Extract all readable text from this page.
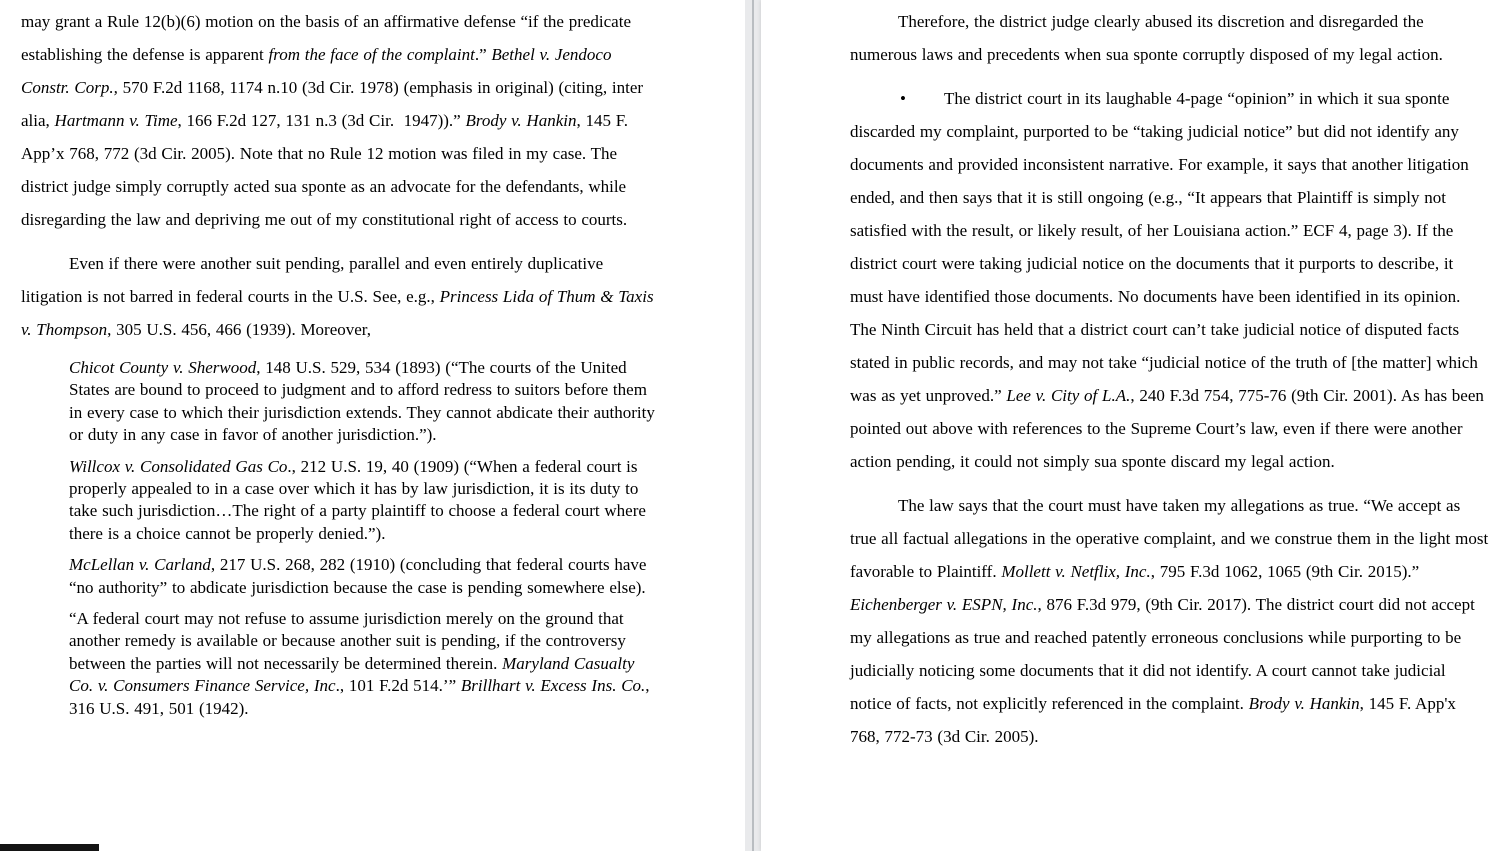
may grant a Rule 12(b)(6) motion on the basis of an affirmative defense “if the predicate establishing the defense is apparent from the face of the complaint.” Bethel v. Jendoco Constr. Corp., 570 F.2d 1168, 1174 n.10 (3d Cir. 1978) (emphasis in original) (citing, inter alia, Hartmann v. Time, 166 F.2d 127, 131 n.3 (3d Cir.  1947)).” Brody v. Hankin, 145 F. App’x 768, 772 (3d Cir. 2005). Note that no Rule 12 motion was filed in my case. The district judge simply corruptly acted sua sponte as an advocate for the defendants, while disregarding the law and depriving me out of my constitutional right of access to courts.

Even if there were another suit pending, parallel and even entirely duplicative litigation is not barred in federal courts in the U.S. See, e.g., Princess Lida of Thum & Taxis v. Thompson, 305 U.S. 456, 466 (1939). Moreover,

Chicot County v. Sherwood, 148 U.S. 529, 534 (1893) (“The courts of the United States are bound to proceed to judgment and to afford redress to suitors before them in every case to which their jurisdiction extends. They cannot abdicate their authority or duty in any case in favor of another jurisdiction.”).

Willcox v. Consolidated Gas Co., 212 U.S. 19, 40 (1909) (“When a federal court is properly appealed to in a case over which it has by law jurisdiction, it is its duty to take such jurisdiction…The right of a party plaintiff to choose a federal court where there is a choice cannot be properly denied.”).

McLellan v. Carland, 217 U.S. 268, 282 (1910) (concluding that federal courts have “no authority” to abdicate jurisdiction because the case is pending somewhere else).

“A federal court may not refuse to assume jurisdiction merely on the ground that another remedy is available or because another suit is pending, if the controversy between the parties will not necessarily be determined therein. Maryland Casualty Co. v. Consumers Finance Service, Inc., 101 F.2d 514.’” Brillhart v. Excess Ins. Co., 316 U.S. 491, 501 (1942).

Therefore, the district judge clearly abused its discretion and disregarded the numerous laws and precedents when sua sponte corruptly disposed of my legal action.

•        The district court in its laughable 4-page “opinion” in which it sua sponte discarded my complaint, purported to be “taking judicial notice” but did not identify any documents and provided inconsistent narrative. For example, it says that another litigation ended, and then says that it is still ongoing (e.g., “It appears that Plaintiff is simply not satisfied with the result, or likely result, of her Louisiana action.” ECF 4, page 3). If the district court were taking judicial notice on the documents that it purports to describe, it must have identified those documents. No documents have been identified in its opinion. The Ninth Circuit has held that a district court can’t take judicial notice of disputed facts stated in public records, and may not take “judicial notice of the truth of [the matter] which was as yet unproved.” Lee v. City of L.A., 240 F.3d 754, 775-76 (9th Cir. 2001). As has been pointed out above with references to the Supreme Court’s law, even if there were another action pending, it could not simply sua sponte discard my legal action.

The law says that the court must have taken my allegations as true. “We accept as true all factual allegations in the operative complaint, and we construe them in the light most favorable to Plaintiff. Mollett v. Netflix, Inc., 795 F.3d 1062, 1065 (9th Cir. 2015).” Eichenberger v. ESPN, Inc., 876 F.3d 979, (9th Cir. 2017). The district court did not accept my allegations as true and reached patently erroneous conclusions while purporting to be judicially noticing some documents that it did not identify. A court cannot take judicial notice of facts, not explicitly referenced in the complaint. Brody v. Hankin, 145 F. App'x 768, 772-73 (3d Cir. 2005).
